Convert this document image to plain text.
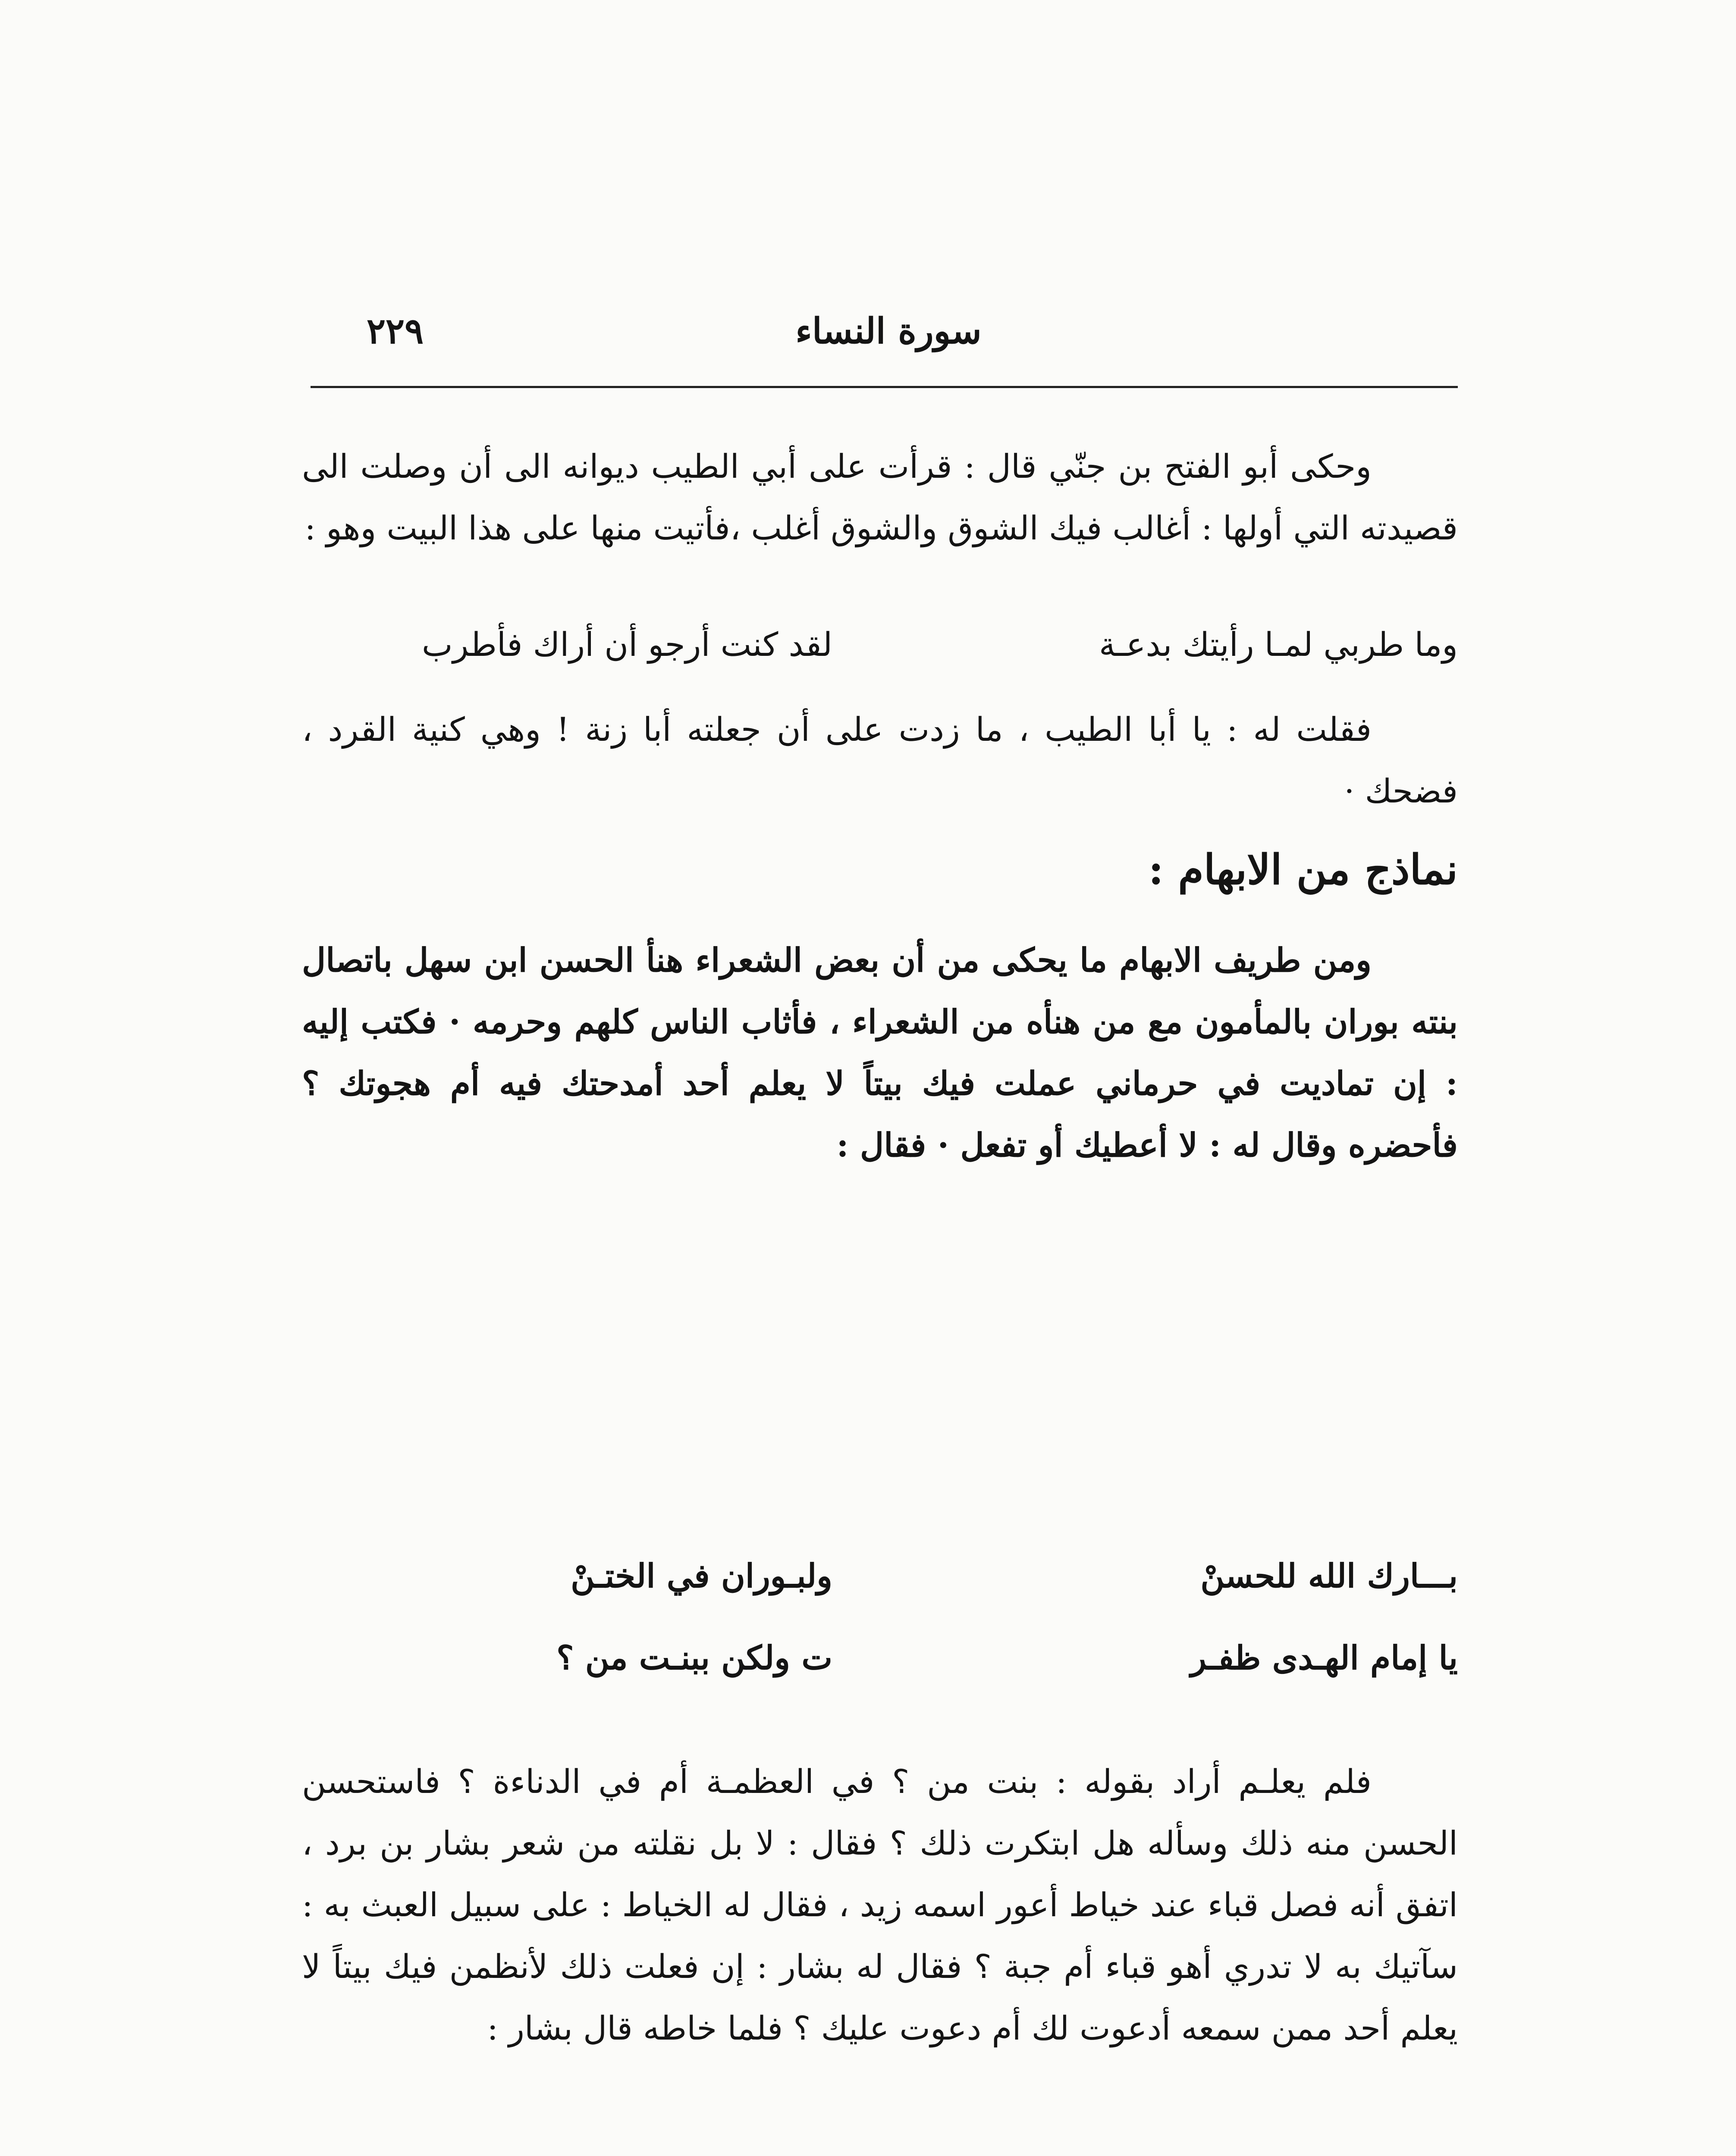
سورة النساء
٢٢٩

وحكى أبو الفتح بن جنّي قال : قرأت على أبي الطيب ديوانه الى أن وصلت الى قصيدته التي أولها : أغالب فيك الشوق والشوق أغلب ،فأتيت منها على هذا البيت وهو :

وما طربي لمـا رأيتك بدعـة
لقد كنت أرجو أن أراك فأطرب

فقلت له : يا أبا الطيب ، ما زدت على أن جعلته أبا زنة ! وهي كنية القرد ، فضحك ·

نماذج من الابهام :

ومن طريف الابهام ما يحكى من أن بعض الشعراء هنأ الحسن ابن سهل باتصال بنته بوران بالمأمون مع من هنأه من الشعراء ، فأثاب الناس كلهم وحرمه · فكتب إليه : إن تماديت في حرماني عملت فيك بيتاً لا يعلم أحد أمدحتك فيه أم هجوتك ؟ فأحضره وقال له : لا أعطيك أو تفعل · فقال :

بـــارك الله للحسنْ
ولبـوران في الختـنْ
يا إمام الهـدى ظفـر
ت ولكن ببنـت من ؟

فلم يعلـم أراد بقوله : بنت من ؟ في العظمـة أم في الدناءة ؟ فاستحسن الحسن منه ذلك وسأله هل ابتكرت ذلك ؟ فقال : لا بل نقلته من شعر بشار بن برد ، اتفق أنه فصل قباء عند خياط أعور اسمه زيد ، فقال له الخياط : على سبيل العبث به : سآتيك به لا تدري أهو قباء أم جبة ؟ فقال له بشار : إن فعلت ذلك لأنظمن فيك بيتاً لا يعلم أحد ممن سمعه أدعوت لك أم دعوت عليك ؟ فلما خاطه قال بشار :
